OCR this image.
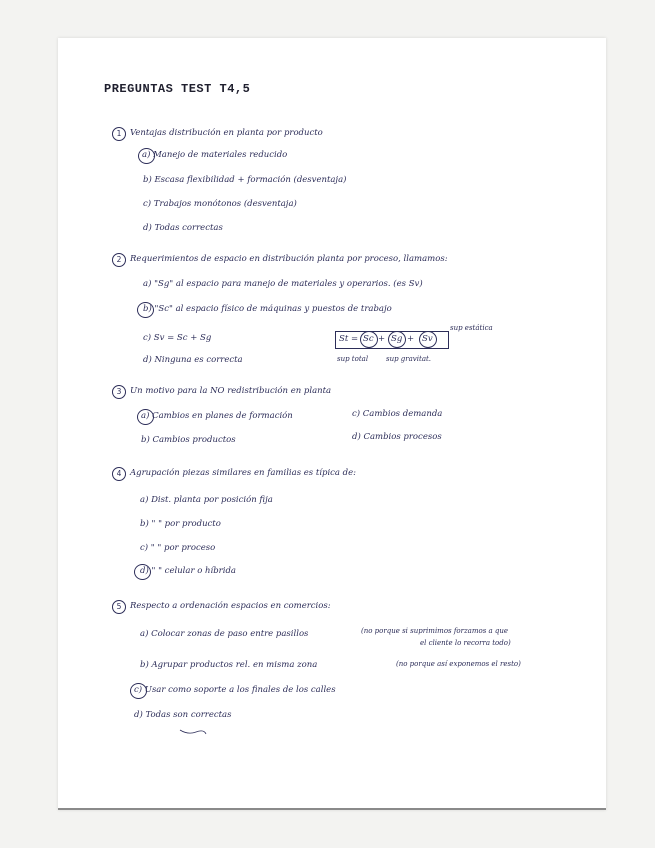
PREGUNTAS TEST T4,5
1	Ventajas distribución en planta por producto
a) Manejo de materiales reducido
b) Escasa flexibilidad + formación (desventaja)
c) Trabajos monótonos (desventaja)
d) Todas correctas
2	Requerimientos de espacio en distribución planta por proceso, llamamos:
a) "Sg" al espacio para manejo de materiales y operarios. (es Sv)
b) "Sc" al espacio físico de máquinas y puestos de trabajo
sup estática
c) Sv = Sc + Sg	St = Sc + Sg + Sv
d) Ninguna es correcta	sup total	sup gravitat.
3	Un motivo para la NO redistribución en planta
a) Cambios en planes de formación	c) Cambios demanda
b) Cambios productos	d) Cambios procesos
4	Agrupación piezas similares en familias es típica de:
a) Dist. planta por posición fija
b) " " por producto
c) " " por proceso
d) " " celular o híbrida
5	Respecto a ordenación espacios en comercios:
a) Colocar zonas de paso entre pasillos	(no porque si suprimimos forzamos a que
el cliente lo recorra todo)
b) Agrupar productos rel. en misma zona	(no porque así exponemos el resto)
c) Usar como soporte a los finales de los calles
d) Todas son correctas
